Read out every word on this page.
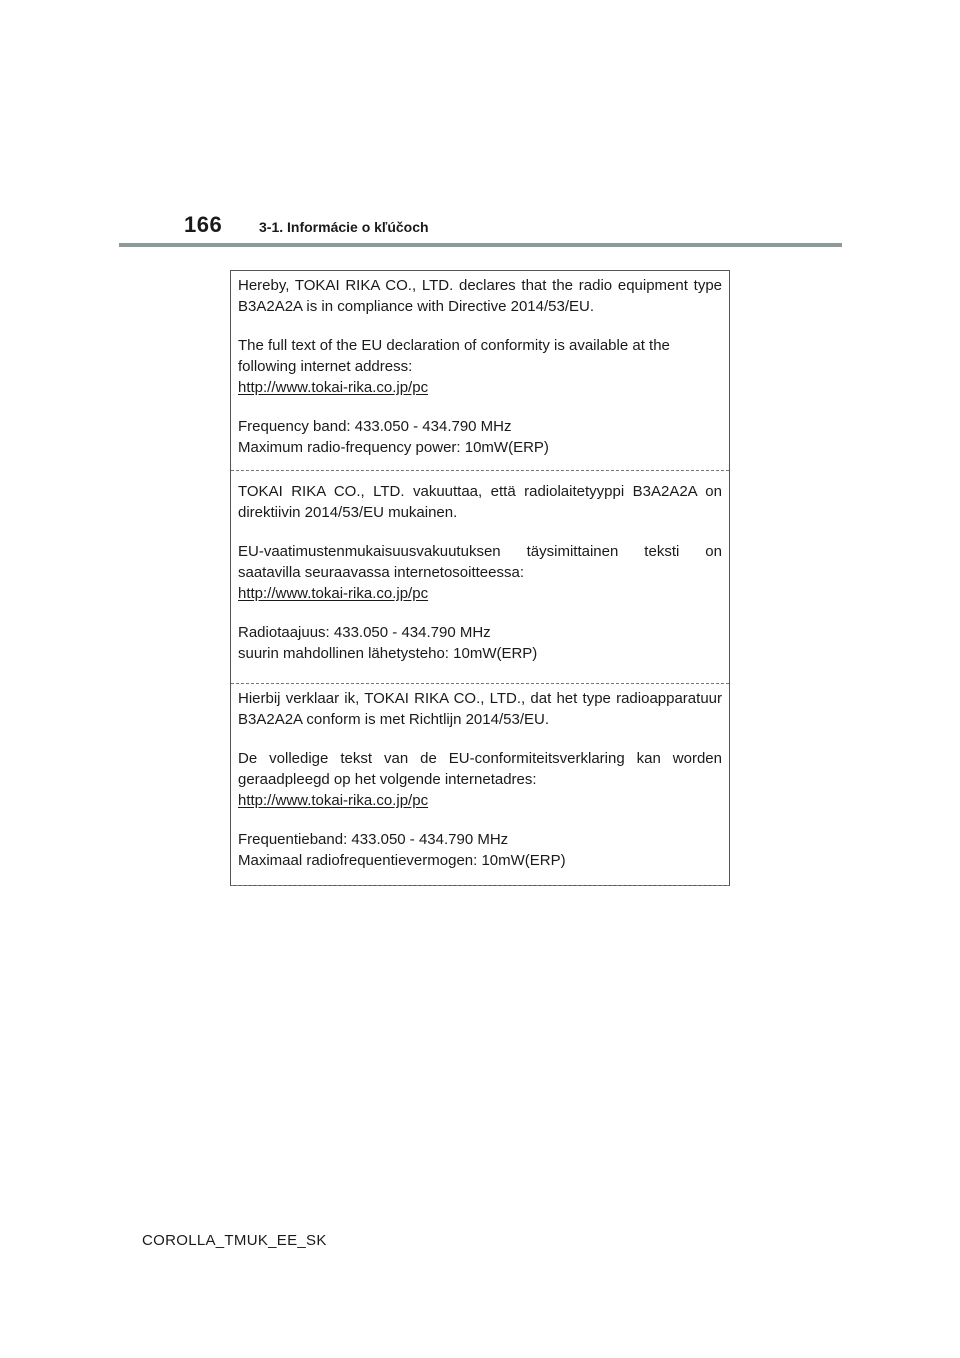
166	3-1. Informácie o kľúčoch

Hereby, TOKAI RIKA CO., LTD. declares that the radio equipment type B3A2A2A is in compliance with Directive 2014/53/EU.

The full text of the EU declaration of conformity is available at the
following internet address:
http://www.tokai-rika.co.jp/pc

Frequency band: 433.050 - 434.790 MHz
Maximum radio-frequency power: 10mW(ERP)

TOKAI RIKA CO., LTD. vakuuttaa, että radiolaitetyyppi B3A2A2A on direktiivin 2014/53/EU mukainen.

EU-vaatimustenmukaisuusvakuutuksen täysimittainen teksti on
saatavilla seuraavassa internetosoitteessa:
http://www.tokai-rika.co.jp/pc

Radiotaajuus: 433.050 - 434.790 MHz
suurin mahdollinen lähetysteho: 10mW(ERP)

Hierbij verklaar ik, TOKAI RIKA CO., LTD., dat het type radioapparatuur B3A2A2A conform is met Richtlijn 2014/53/EU.

De volledige tekst van de EU-conformiteitsverklaring kan worden
geraadpleegd op het volgende internetadres:
http://www.tokai-rika.co.jp/pc

Frequentieband: 433.050 - 434.790 MHz
Maximaal radiofrequentievermogen: 10mW(ERP)

COROLLA_TMUK_EE_SK
